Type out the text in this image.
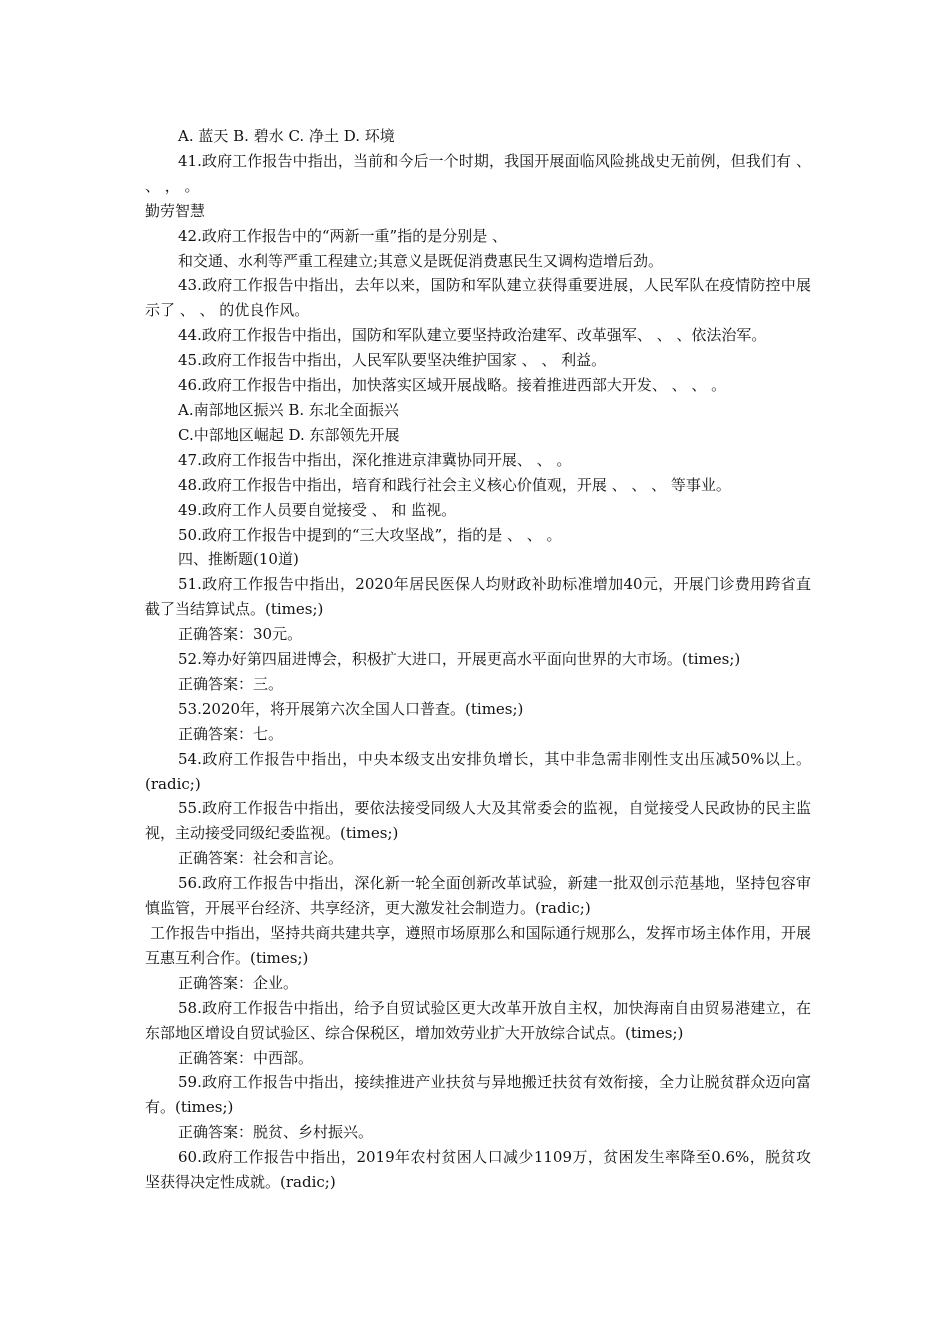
A. 蓝天 B. 碧水 C. 净土 D. 环境

41.政府工作报告中指出，当前和今后一个时期，我国开展面临风险挑战史无前例，但我们有 、 、 ， 。

勤劳智慧

42.政府工作报告中的“两新一重”指的是分别是 、

和交通、水利等严重工程建立;其意义是既促消费惠民生又调构造增后劲。

43.政府工作报告中指出，去年以来，国防和军队建立获得重要进展，人民军队在疫情防控中展示了 、 、 的优良作风。

44.政府工作报告中指出，国防和军队建立要坚持政治建军、改革强军、 、 、依法治军。

45.政府工作报告中指出，人民军队要坚决维护国家 、 、 利益。

46.政府工作报告中指出，加快落实区域开展战略。接着推进西部大开发、 、 、 。

A.南部地区振兴 B. 东北全面振兴

C.中部地区崛起 D. 东部领先开展

47.政府工作报告中指出，深化推进京津冀协同开展、 、 。

48.政府工作报告中指出，培育和践行社会主义核心价值观，开展 、 、 、 等事业。

49.政府工作人员要自觉接受 、 和 监视。

50.政府工作报告中提到的“三大攻坚战”，指的是 、 、 。

四、推断题(10道)

51.政府工作报告中指出，2020年居民医保人均财政补助标准增加40元，开展门诊费用跨省直截了当结算试点。(times;)

正确答案：30元。

52.筹办好第四届进博会，积极扩大进口，开展更高水平面向世界的大市场。(times;)

正确答案：三。

53.2020年，将开展第六次全国人口普查。(times;)

正确答案：七。

54.政府工作报告中指出，中央本级支出安排负增长，其中非急需非刚性支出压减50%以上。(radic;)

55.政府工作报告中指出，要依法接受同级人大及其常委会的监视，自觉接受人民政协的民主监视，主动接受同级纪委监视。(times;)

正确答案：社会和言论。

56.政府工作报告中指出，深化新一轮全面创新改革试验，新建一批双创示范基地，坚持包容审慎监管，开展平台经济、共享经济，更大激发社会制造力。(radic;)

工作报告中指出，坚持共商共建共享，遵照市场原那么和国际通行规那么，发挥市场主体作用，开展互惠互利合作。(times;)

正确答案：企业。

58.政府工作报告中指出，给予自贸试验区更大改革开放自主权，加快海南自由贸易港建立，在东部地区增设自贸试验区、综合保税区，增加效劳业扩大开放综合试点。(times;)

正确答案：中西部。

59.政府工作报告中指出，接续推进产业扶贫与异地搬迁扶贫有效衔接，全力让脱贫群众迈向富有。(times;)

正确答案：脱贫、乡村振兴。

60.政府工作报告中指出，2019年农村贫困人口减少1109万，贫困发生率降至0.6%，脱贫攻坚获得决定性成就。(radic;)
